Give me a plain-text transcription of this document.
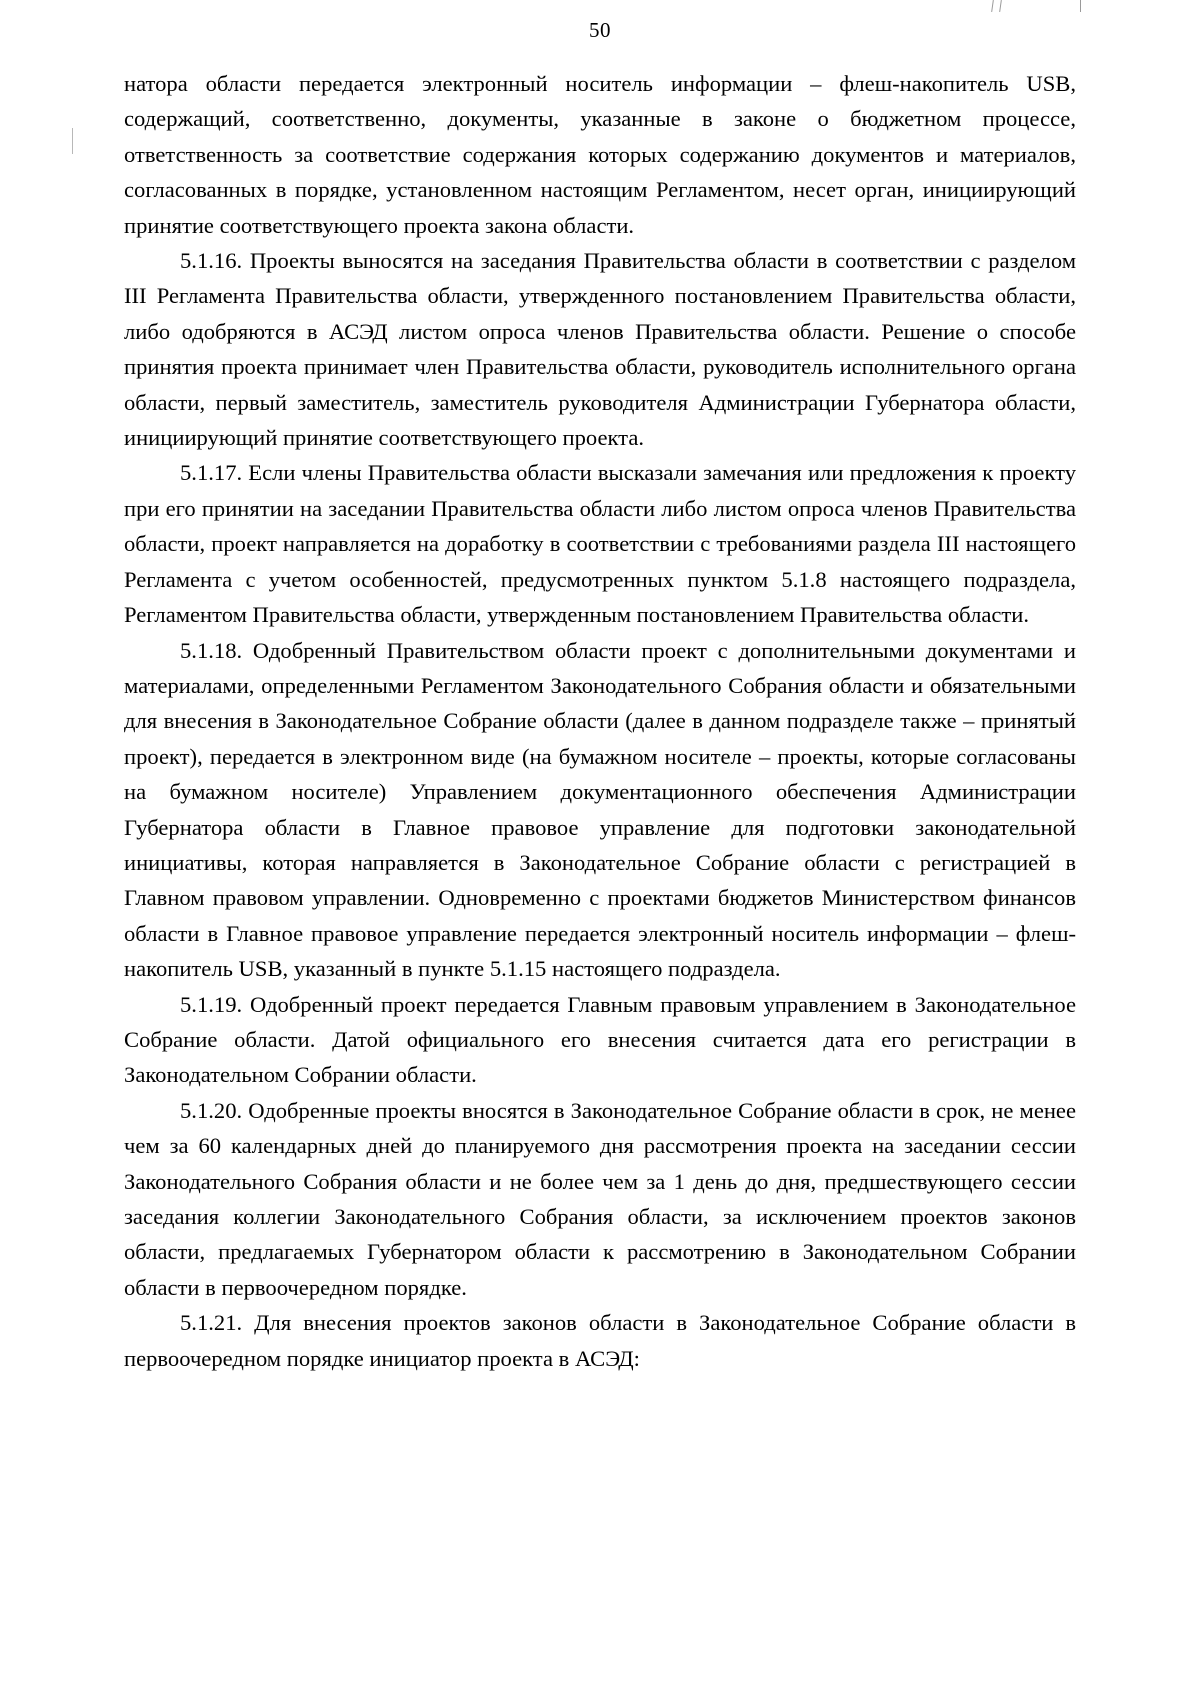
50

натора области передается электронный носитель информации – флеш-накопитель USB, содержащий, соответственно, документы, указанные в законе о бюджетном процессе, ответственность за соответствие содержания которых содержанию документов и материалов, согласованных в порядке, установленном настоящим Регламентом, несет орган, инициирующий принятие соответствующего проекта закона области.

5.1.16. Проекты выносятся на заседания Правительства области в соответствии с разделом III Регламента Правительства области, утвержденного постановлением Правительства области, либо одобряются в АСЭД листом опроса членов Правительства области. Решение о способе принятия проекта принимает член Правительства области, руководитель исполнительного органа области, первый заместитель, заместитель руководителя Администрации Губернатора области, инициирующий принятие соответствующего проекта.

5.1.17. Если члены Правительства области высказали замечания или предложения к проекту при его принятии на заседании Правительства области либо листом опроса членов Правительства области, проект направляется на доработку в соответствии с требованиями раздела III настоящего Регламента с учетом особенностей, предусмотренных пунктом 5.1.8 настоящего подраздела, Регламентом Правительства области, утвержденным постановлением Правительства области.

5.1.18. Одобренный Правительством области проект с дополнительными документами и материалами, определенными Регламентом Законодательного Собрания области и обязательными для внесения в Законодательное Собрание области (далее в данном подразделе также – принятый проект), передается в электронном виде (на бумажном носителе – проекты, которые согласованы на бумажном носителе) Управлением документационного обеспечения Администрации Губернатора области в Главное правовое управление для подготовки законодательной инициативы, которая направляется в Законодательное Собрание области с регистрацией в Главном правовом управлении. Одновременно с проектами бюджетов Министерством финансов области в Главное правовое управление передается электронный носитель информации – флеш-накопитель USB, указанный в пункте 5.1.15 настоящего подраздела.

5.1.19. Одобренный проект передается Главным правовым управлением в Законодательное Собрание области. Датой официального его внесения считается дата его регистрации в Законодательном Собрании области.

5.1.20. Одобренные проекты вносятся в Законодательное Собрание области в срок, не менее чем за 60 календарных дней до планируемого дня рассмотрения проекта на заседании сессии Законодательного Собрания области и не более чем за 1 день до дня, предшествующего сессии заседания коллегии Законодательного Собрания области, за исключением проектов законов области, предлагаемых Губернатором области к рассмотрению в Законодательном Собрании области в первоочередном порядке.

5.1.21. Для внесения проектов законов области в Законодательное Собрание области в первоочередном порядке инициатор проекта в АСЭД:
